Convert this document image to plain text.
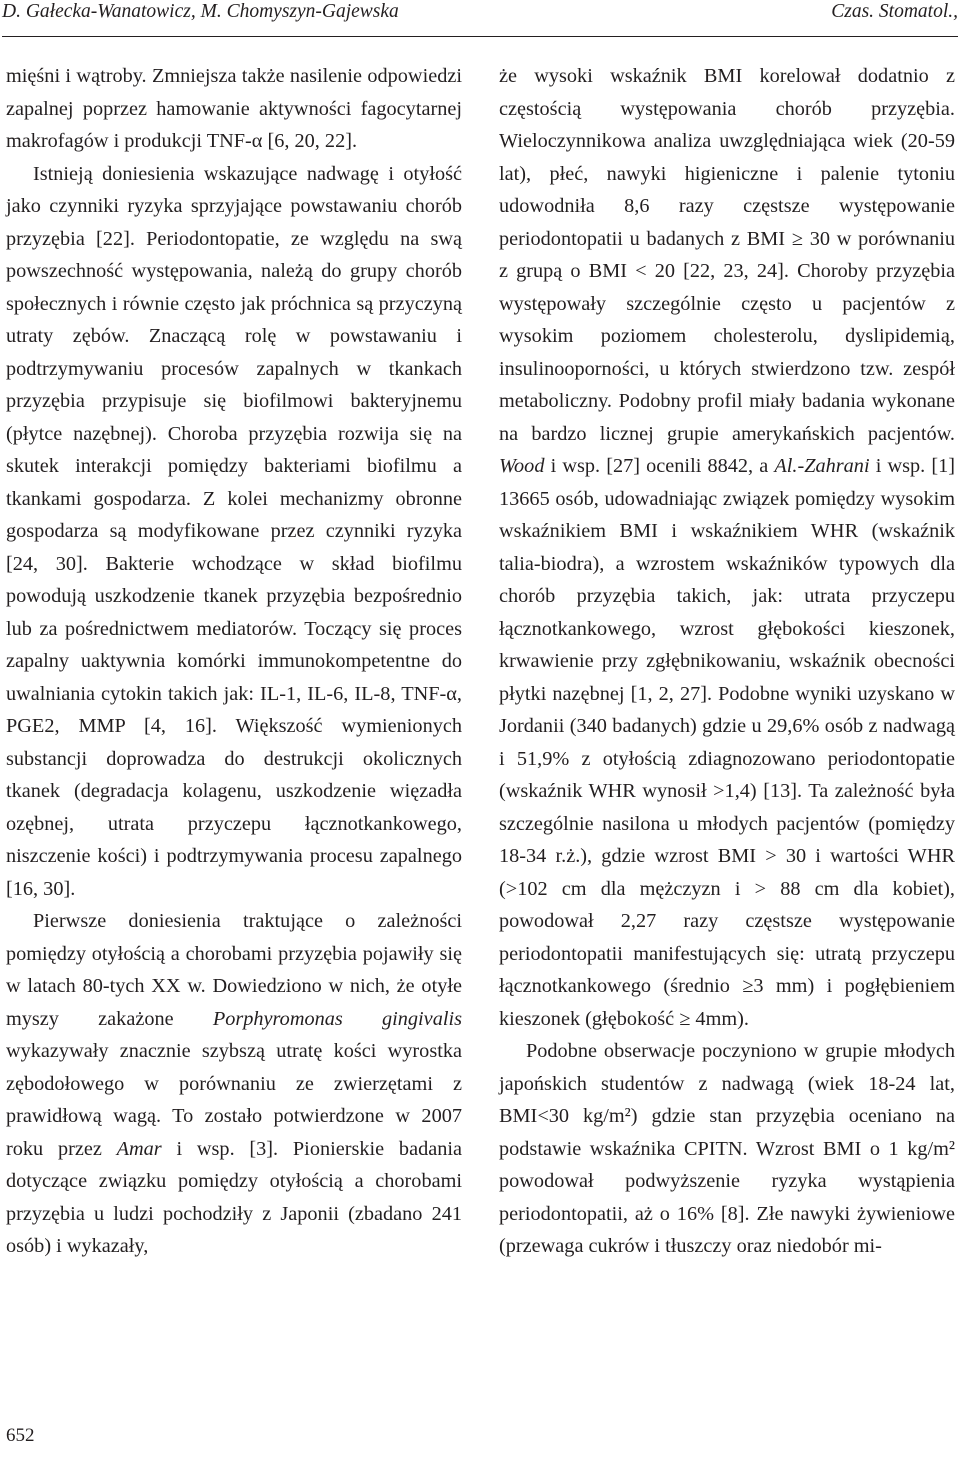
D. Gałecka-Wanatowicz, M. Chomyszyn-Gajewska	Czas. Stomatol.,

mięśni i wątroby. Zmniejsza także nasilenie odpowiedzi zapalnej poprzez hamowanie aktywności fagocytarnej makrofagów i produkcji TNF-α [6, 20, 22].

Istnieją doniesienia wskazujące nadwagę i otyłość jako czynniki ryzyka sprzyjające powstawaniu chorób przyzębia [22]. Periodontopatie, ze względu na swą powszechność występowania, należą do grupy chorób społecznych i równie często jak próchnica są przyczyną utraty zębów. Znaczącą rolę w powstawaniu i podtrzymywaniu procesów zapalnych w tkankach przyzębia przypisuje się biofilmowi bakteryjnemu (płytce nazębnej). Choroba przyzębia rozwija się na skutek interakcji pomiędzy bakteriami biofilmu a tkankami gospodarza. Z kolei mechanizmy obronne gospodarza są modyfikowane przez czynniki ryzyka [24, 30]. Bakterie wchodzące w skład biofilmu powodują uszkodzenie tkanek przyzębia bezpośrednio lub za pośrednictwem mediatorów. Toczący się proces zapalny uaktywnia komórki immunokompetentne do uwalniania cytokin takich jak: IL-1, IL-6, IL-8, TNF-α, PGE2, MMP [4, 16]. Większość wymienionych substancji doprowadza do destrukcji okolicznych tkanek (degradacja kolagenu, uszkodzenie więzadła ozębnej, utrata przyczepu łącznotkankowego, niszczenie kości) i podtrzymywania procesu zapalnego [16, 30].

Pierwsze doniesienia traktujące o zależności pomiędzy otyłością a chorobami przyzębia pojawiły się w latach 80-tych XX w. Dowiedziono w nich, że otyłe myszy zakażone Porphyromonas gingivalis wykazywały znacznie szybszą utratę kości wyrostka zębodołowego w porównaniu ze zwierzętami z prawidłową wagą. To zostało potwierdzone w 2007 roku przez Amar i wsp. [3]. Pionierskie badania dotyczące związku pomiędzy otyłością a chorobami przyzębia u ludzi pochodziły z Japonii (zbadano 241 osób) i wykazały,

że wysoki wskaźnik BMI korelował dodatnio z częstością występowania chorób przyzębia. Wieloczynnikowa analiza uwzględniająca wiek (20-59 lat), płeć, nawyki higieniczne i palenie tytoniu udowodniła 8,6 razy częstsze występowanie periodontopatii u badanych z BMI ≥ 30 w porównaniu z grupą o BMI < 20 [22, 23, 24]. Choroby przyzębia występowały szczególnie często u pacjentów z wysokim poziomem cholesterolu, dyslipidemią, insulinooporności, u których stwierdzono tzw. zespół metaboliczny. Podobny profil miały badania wykonane na bardzo licznej grupie amerykańskich pacjentów. Wood i wsp. [27] ocenili 8842, a Al.-Zahrani i wsp. [1] 13665 osób, udowadniając związek pomiędzy wysokim wskaźnikiem BMI i wskaźnikiem WHR (wskaźnik talia-biodra), a wzrostem wskaźników typowych dla chorób przyzębia takich, jak: utrata przyczepu łącznotkankowego, wzrost głębokości kieszonek, krwawienie przy zgłębnikowaniu, wskaźnik obecności płytki nazębnej [1, 2, 27]. Podobne wyniki uzyskano w Jordanii (340 badanych) gdzie u 29,6% osób z nadwagą i 51,9% z otyłością zdiagnozowano periodontopatie (wskaźnik WHR wynosił >1,4) [13]. Ta zależność była szczególnie nasilona u młodych pacjentów (pomiędzy 18-34 r.ż.), gdzie wzrost BMI > 30 i wartości WHR (>102 cm dla mężczyzn i > 88 cm dla kobiet), powodował 2,27 razy częstsze występowanie periodontopatii manifestujących się: utratą przyczepu łącznotkankowego (średnio ≥3 mm) i pogłębieniem kieszonek (głębokość ≥ 4mm).

Podobne obserwacje poczyniono w grupie młodych japońskich studentów z nadwagą (wiek 18-24 lat, BMI<30 kg/m²) gdzie stan przyzębia oceniano na podstawie wskaźnika CPITN. Wzrost BMI o 1 kg/m² powodował podwyższenie ryzyka wystąpienia periodontopatii, aż o 16% [8]. Złe nawyki żywieniowe (przewaga cukrów i tłuszczy oraz niedobór mi-

652
